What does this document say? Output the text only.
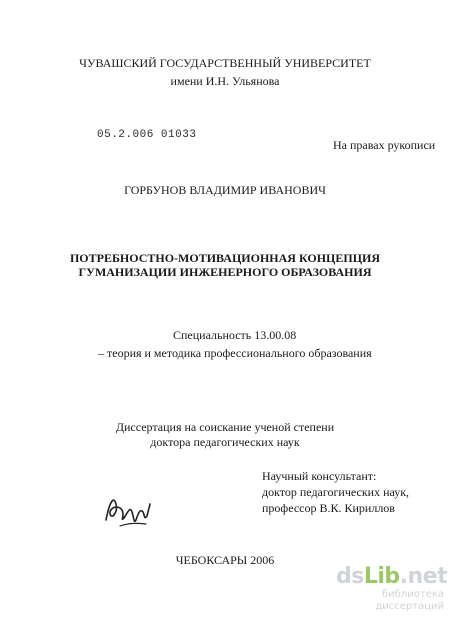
ЧУВАШСКИЙ ГОСУДАРСТВЕННЫЙ УНИВЕРСИТЕТ
имени И.Н. Ульянова
05.2.006 01033
На правах рукописи
ГОРБУНОВ ВЛАДИМИР ИВАНОВИЧ
ПОТРЕБНОСТНО-МОТИВАЦИОННАЯ КОНЦЕПЦИЯ
ГУМАНИЗАЦИИ ИНЖЕНЕРНОГО ОБРАЗОВАНИЯ
Специальность 13.00.08
– теория и методика профессионального образования
Диссертация на соискание ученой степени
доктора педагогических наук
Научный консультант:
доктор педагогических наук,
профессор В.К. Кириллов
ЧЕБОКСАРЫ 2006
dsLib.net
библиотека диссертаций
